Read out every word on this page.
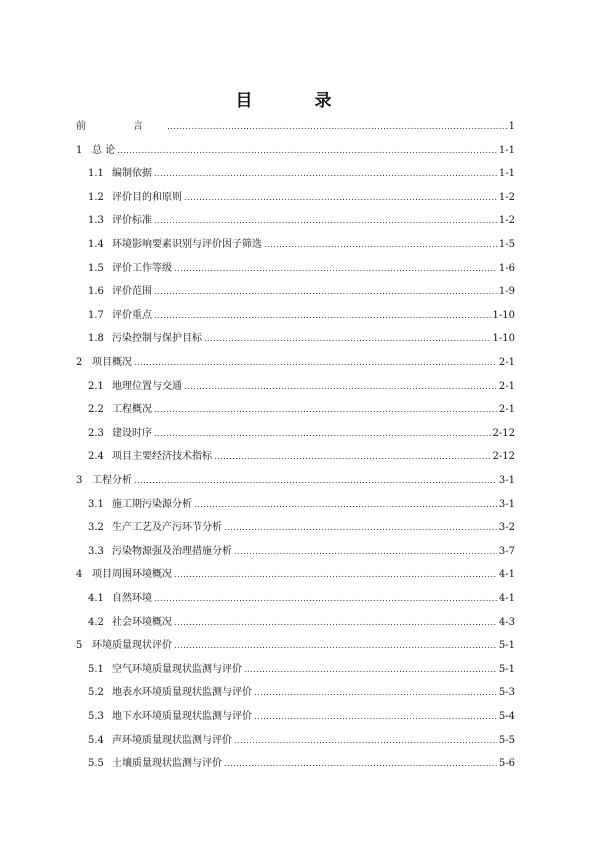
目 录
前 言 .....	1
1 总 论 .....	1-1
1.1 编制依据 .....	1-1
1.2 评价目的和原则 .....	1-2
1.3 评价标准 .....	1-2
1.4 环境影响要素识别与评价因子筛选 .....	1-5
1.5 评价工作等级 .....	1-6
1.6 评价范围 .....	1-9
1.7 评价重点 .....	1-10
1.8 污染控制与保护目标 .....	1-10
2 项目概况 .....	2-1
2.1 地理位置与交通 .....	2-1
2.2 工程概况 .....	2-1
2.3 建设时序 .....	2-12
2.4 项目主要经济技术指标 .....	2-12
3 工程分析 .....	3-1
3.1 施工期污染源分析 .....	3-1
3.2 生产工艺及产污环节分析 .....	3-2
3.3 污染物源强及治理措施分析 .....	3-7
4 项目周围环境概况 .....	4-1
4.1 自然环境 .....	4-1
4.2 社会环境概况 .....	4-3
5 环境质量现状评价 .....	5-1
5.1 空气环境质量现状监测与评价 .....	5-1
5.2 地表水环境质量现状监测与评价 .....	5-3
5.3 地下水环境质量现状监测与评价 .....	5-4
5.4 声环境质量现状监测与评价 .....	5-5
5.5 土壤质量现状监测与评价 .....	5-6
